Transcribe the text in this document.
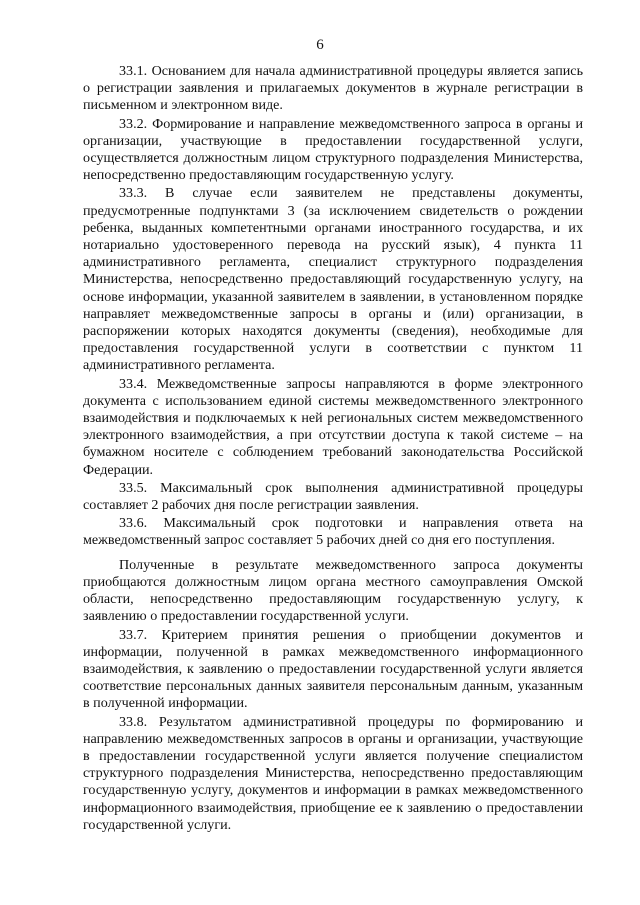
6

33.1. Основанием для начала административной процедуры является запись о регистрации заявления и прилагаемых документов в журнале регистрации в письменном и электронном виде.

33.2. Формирование и направление межведомственного запроса в органы и организации, участвующие в предоставлении государственной услуги, осуществляется должностным лицом структурного подразделения Министерства, непосредственно предоставляющим государственную услугу.

33.3. В случае если заявителем не представлены документы, предусмотренные подпунктами 3 (за исключением свидетельств о рождении ребенка, выданных компетентными органами иностранного государства, и их нотариально удостоверенного перевода на русский язык), 4 пункта 11 административного регламента, специалист структурного подразделения Министерства, непосредственно предоставляющий государственную услугу, на основе информации, указанной заявителем в заявлении, в установленном порядке направляет межведомственные запросы в органы и (или) организации, в распоряжении которых находятся документы (сведения), необходимые для предоставления государственной услуги в соответствии с пунктом 11 административного регламента.

33.4. Межведомственные запросы направляются в форме электронного документа с использованием единой системы межведомственного электронного взаимодействия и подключаемых к ней региональных систем межведомственного электронного взаимодействия, а при отсутствии доступа к такой системе – на бумажном носителе с соблюдением требований законодательства Российской Федерации.

33.5. Максимальный срок выполнения административной процедуры составляет 2 рабочих дня после регистрации заявления.

33.6. Максимальный срок подготовки и направления ответа на межведомственный запрос составляет 5 рабочих дней со дня его поступления.

Полученные в результате межведомственного запроса документы приобщаются должностным лицом органа местного самоуправления Омской области, непосредственно предоставляющим государственную услугу, к заявлению о предоставлении государственной услуги.

33.7. Критерием принятия решения о приобщении документов и информации, полученной в рамках межведомственного информационного взаимодействия, к заявлению о предоставлении государственной услуги является соответствие персональных данных заявителя персональным данным, указанным в полученной информации.

33.8. Результатом административной процедуры по формированию и направлению межведомственных запросов в органы и организации, участвующие в предоставлении государственной услуги является получение специалистом структурного подразделения Министерства, непосредственно предоставляющим государственную услугу, документов и информации в рамках межведомственного информационного взаимодействия, приобщение ее к заявлению о предоставлении государственной услуги.
